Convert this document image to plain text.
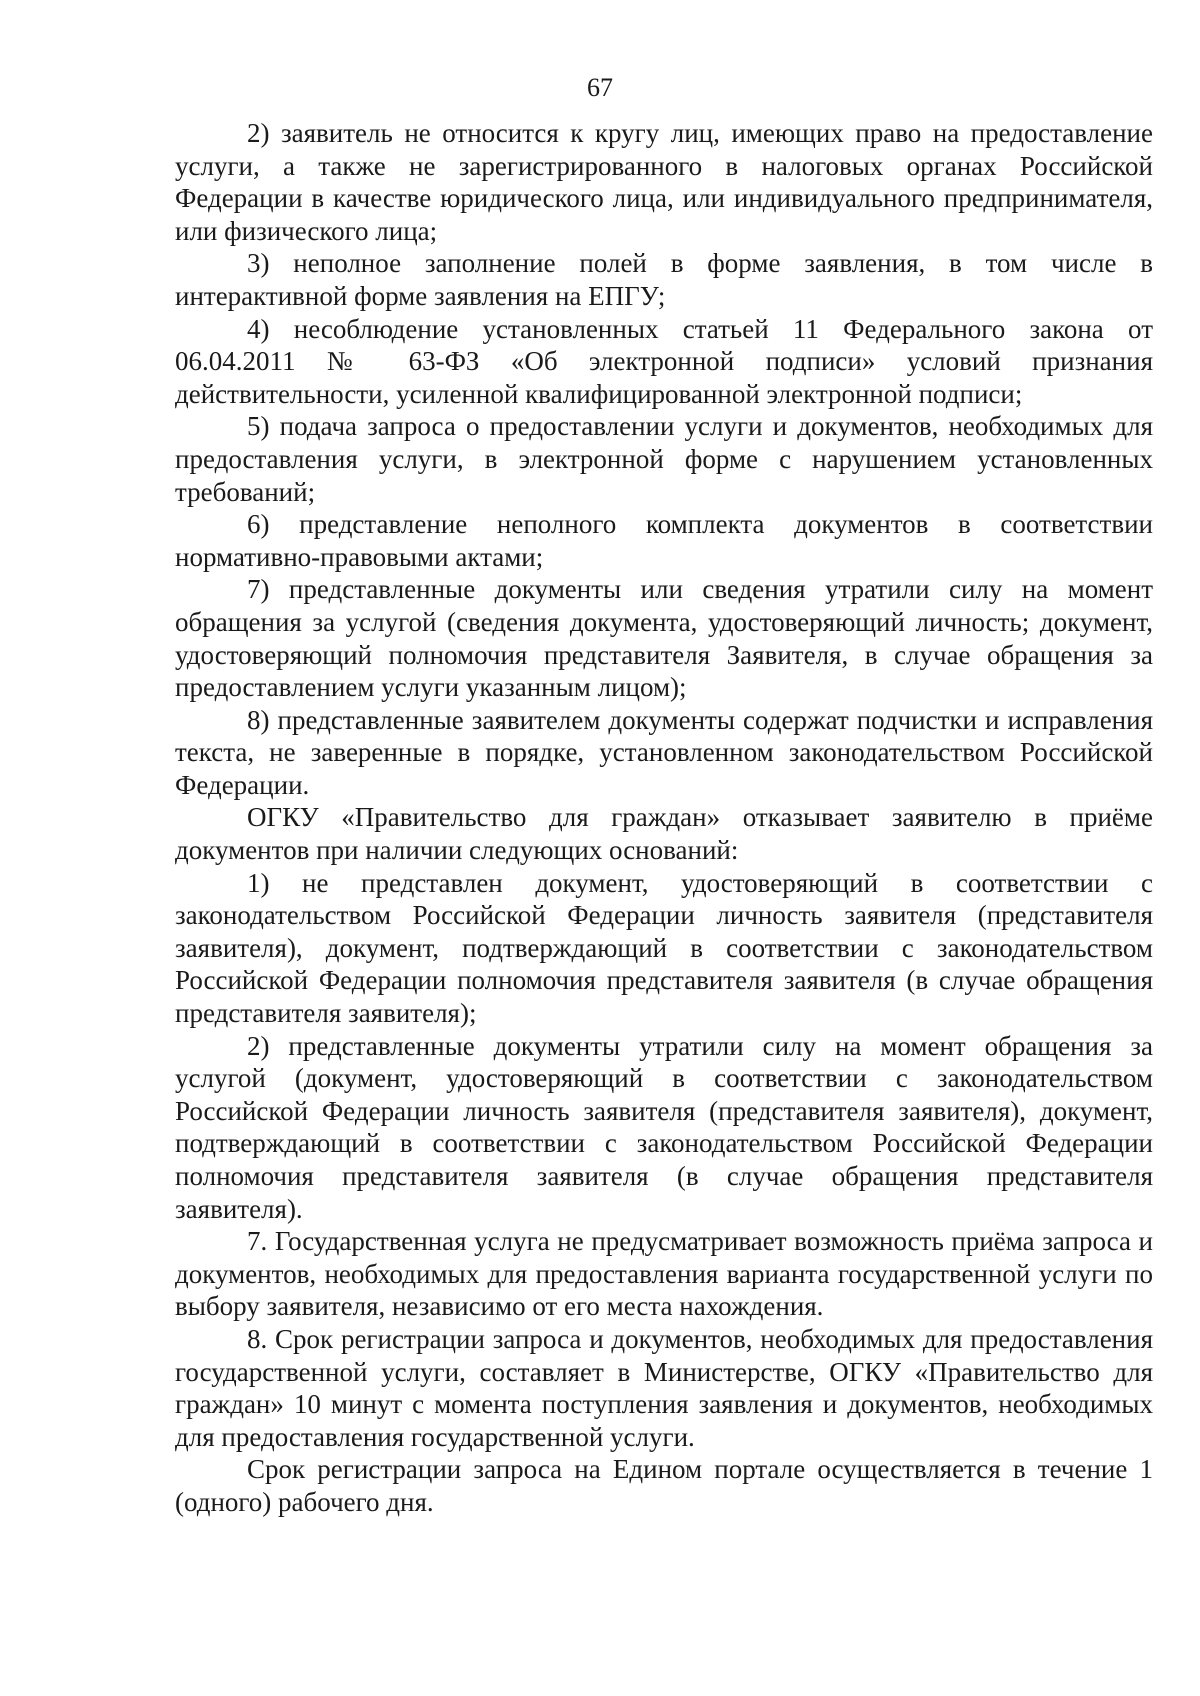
67

2) заявитель не относится к кругу лиц, имеющих право на предоставление услуги, а также не зарегистрированного в налоговых органах Российской Федерации в качестве юридического лица, или индивидуального предпринимателя, или физического лица;

3) неполное заполнение полей в форме заявления, в том числе в интерактивной форме заявления на ЕПГУ;

4) несоблюдение установленных статьей 11 Федерального закона от 06.04.2011 № 63-ФЗ «Об электронной подписи» условий признания действительности, усиленной квалифицированной электронной подписи;

5) подача запроса о предоставлении услуги и документов, необходимых для предоставления услуги, в электронной форме с нарушением установленных требований;

6) представление неполного комплекта документов в соответствии нормативно-правовыми актами;

7) представленные документы или сведения утратили силу на момент обращения за услугой (сведения документа, удостоверяющий личность; документ, удостоверяющий полномочия представителя Заявителя, в случае обращения за предоставлением услуги указанным лицом);

8) представленные заявителем документы содержат подчистки и исправления текста, не заверенные в порядке, установленном законодательством Российской Федерации.

ОГКУ «Правительство для граждан» отказывает заявителю в приёме документов при наличии следующих оснований:

1) не представлен документ, удостоверяющий в соответствии с законодательством Российской Федерации личность заявителя (представителя заявителя), документ, подтверждающий в соответствии с законодательством Российской Федерации полномочия представителя заявителя (в случае обращения представителя заявителя);

2) представленные документы утратили силу на момент обращения за услугой (документ, удостоверяющий в соответствии с законодательством Российской Федерации личность заявителя (представителя заявителя), документ, подтверждающий в соответствии с законодательством Российской Федерации полномочия представителя заявителя (в случае обращения представителя заявителя).

7. Государственная услуга не предусматривает возможность приёма запроса и документов, необходимых для предоставления варианта государственной услуги по выбору заявителя, независимо от его места нахождения.

8. Срок регистрации запроса и документов, необходимых для предоставления государственной услуги, составляет в Министерстве, ОГКУ «Правительство для граждан» 10 минут с момента поступления заявления и документов, необходимых для предоставления государственной услуги.

Срок регистрации запроса на Едином портале осуществляется в течение 1 (одного) рабочего дня.
